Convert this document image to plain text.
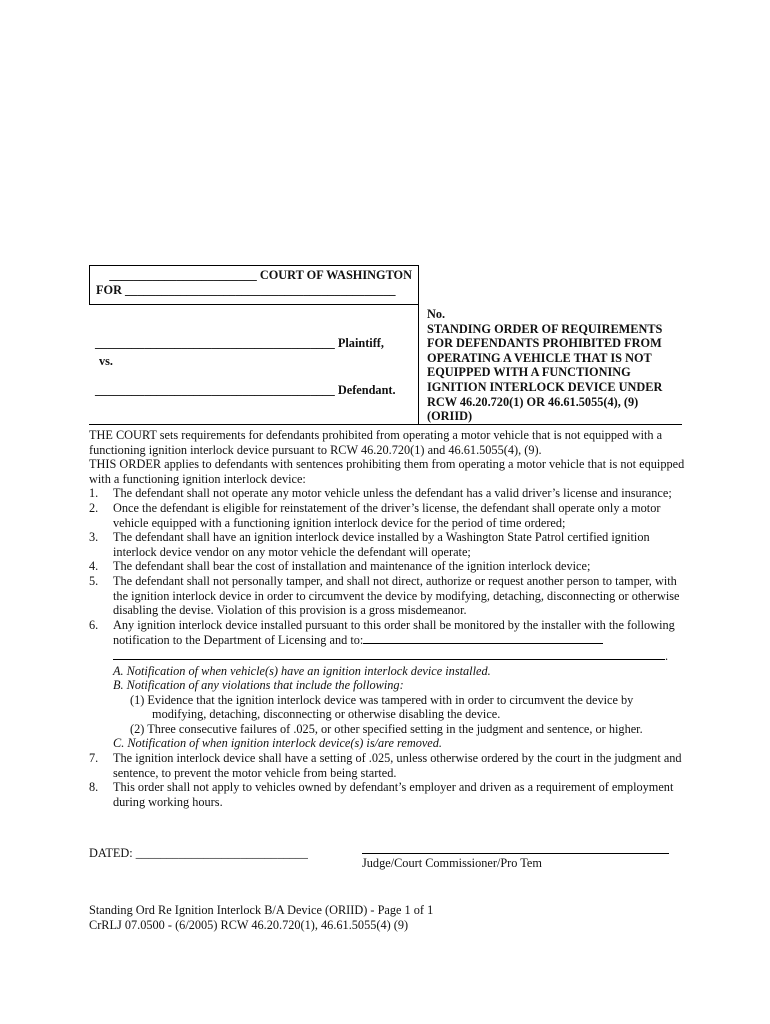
________________________ COURT OF WASHINGTON
FOR ____________________________________________
_______________________________________ Plaintiff,
vs.
_______________________________________ Defendant.
No.
STANDING ORDER OF REQUIREMENTS
FOR DEFENDANTS PROHIBITED FROM
OPERATING A VEHICLE THAT IS NOT
EQUIPPED WITH A FUNCTIONING
IGNITION INTERLOCK DEVICE UNDER
RCW 46.20.720(1) OR 46.61.5055(4), (9)
(ORIID)

THE COURT sets requirements for defendants prohibited from operating a motor vehicle that is not equipped with a functioning ignition interlock device pursuant to RCW 46.20.720(1) and 46.61.5055(4), (9).

THIS ORDER applies to defendants with sentences prohibiting them from operating a motor vehicle that is not equipped with a functioning ignition interlock device:

1. The defendant shall not operate any motor vehicle unless the defendant has a valid driver’s license and insurance;
2. Once the defendant is eligible for reinstatement of the driver’s license, the defendant shall operate only a motor vehicle equipped with a functioning ignition interlock device for the period of time ordered;
3. The defendant shall have an ignition interlock device installed by a Washington State Patrol certified ignition interlock device vendor on any motor vehicle the defendant will operate;
4. The defendant shall bear the cost of installation and maintenance of the ignition interlock device;
5. The defendant shall not personally tamper, and shall not direct, authorize or request another person to tamper, with the ignition interlock device in order to circumvent the device by modifying, detaching, disconnecting or otherwise disabling the devise. Violation of this provision is a gross misdemeanor.
6. Any ignition interlock device installed pursuant to this order shall be monitored by the installer with the following notification to the Department of Licensing and to:
.
A. Notification of when vehicle(s) have an ignition interlock device installed.
B. Notification of any violations that include the following:
(1) Evidence that the ignition interlock device was tampered with in order to circumvent the device by modifying, detaching, disconnecting or otherwise disabling the device.
(2) Three consecutive failures of .025, or other specified setting in the judgment and sentence, or higher.
C. Notification of when ignition interlock device(s) is/are removed.
7. The ignition interlock device shall have a setting of .025, unless otherwise ordered by the court in the judgment and sentence, to prevent the motor vehicle from being started.
8. This order shall not apply to vehicles owned by defendant’s employer and driven as a requirement of employment during working hours.
DATED: ____________________________
Judge/Court Commissioner/Pro Tem
Standing Ord Re Ignition Interlock B/A Device (ORIID) - Page 1 of 1
CrRLJ 07.0500 - (6/2005) RCW 46.20.720(1), 46.61.5055(4) (9)
